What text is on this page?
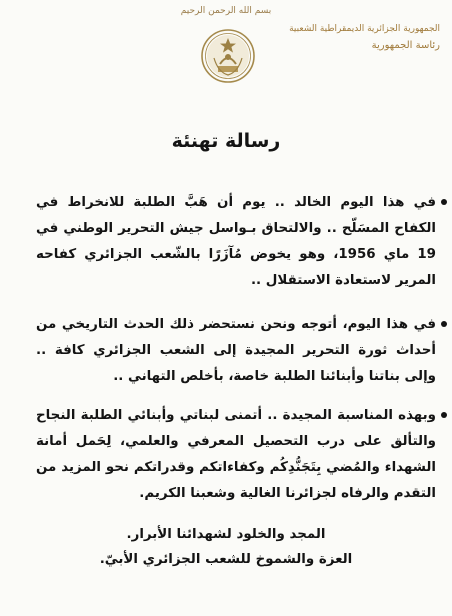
بسم الله الرحمن الرحيم
الجمهورية الجزائرية الديمقراطية الشعبية
رئاسة الجمهورية
رسالة تهنئة
في هذا اليوم الخالد .. يوم أن هَبَّ الطلبة للانخراط في الكفاح المسَلّح .. والالتحاق بـواسل جيش التحرير الوطني في 19 ماي 1956، وهو يخوض مُآزَرًا بالشّعب الجزائري كفاحه المرير لاستعادة الاستقلال ..
في هذا اليوم، أتوجه ونحن نستحضر ذلك الحدث التاريخي من أحداث ثورة التحرير المجيدة إلى الشعب الجزائري كافة .. وإلى بناتنا وأبنائنا الطلبة خاصة، بأخلص التهاني ..
وبهذه المناسبة المجيدة .. أتمنى لبناتي وأبنائي الطلبة النجاح والتألق على درب التحصيل المعرفي والعلمي، لِحَمل أمانة الشهداء والمُضي بِتَجَنُّدِكُم وكفاءاتكم وقدراتكم نحو المزيد من التقدم والرفاه لجزائرنا الغالية وشعبنا الكريم.
المجد والخلود لشهدائنا الأبرار.
العزة والشموخ للشعب الجزائري الأبيّ.
